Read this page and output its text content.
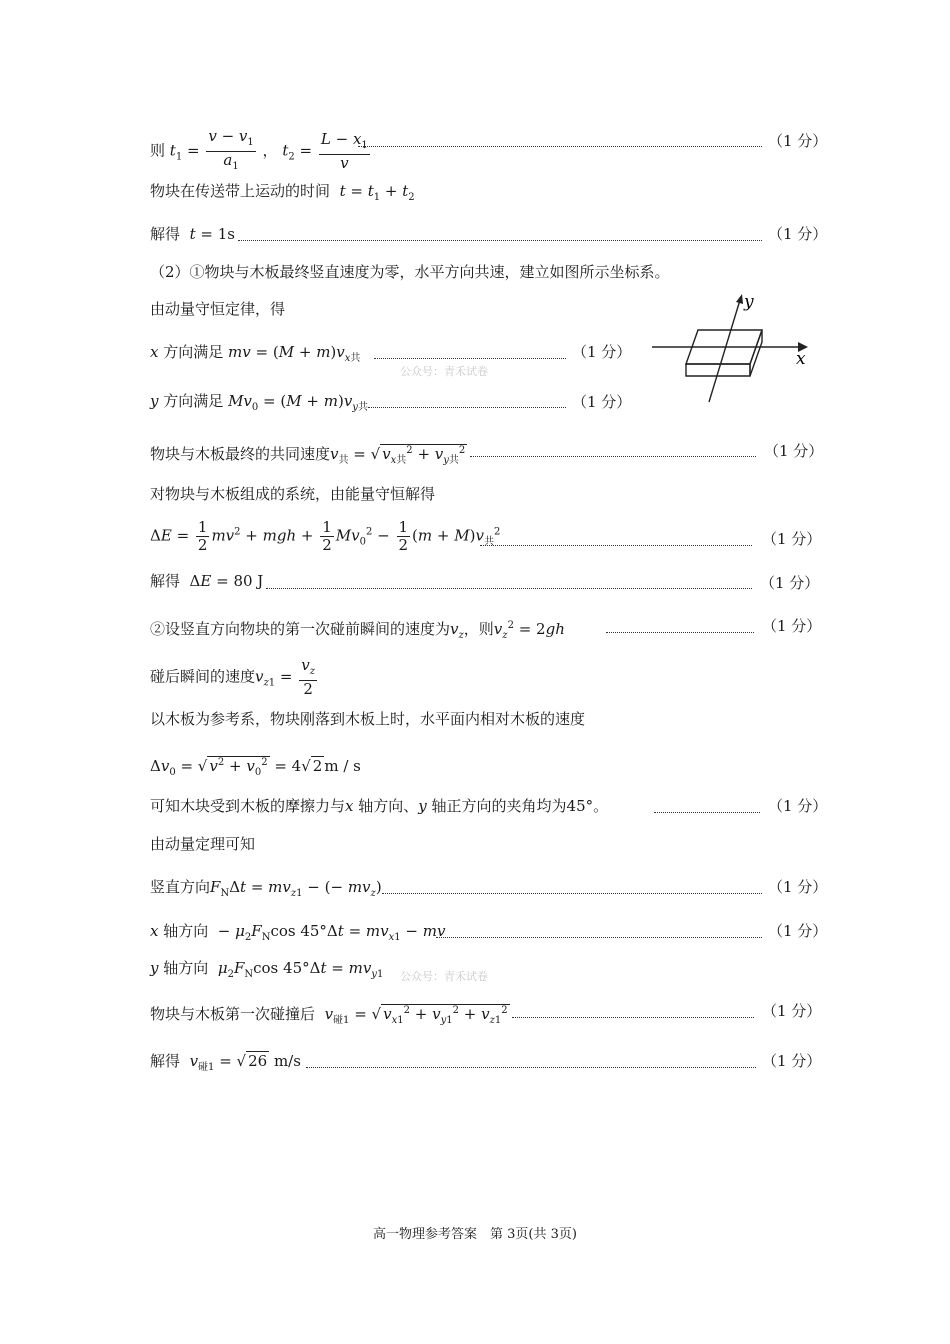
则 $t_1 = \frac{v - v_1}{a_1}$ ， $t_2 = \frac{L - x_1}{v}$	（1 分）
物块在传送带上运动的时间 $t = t_1 + t_2$
解得 t = 1s	（1 分）
（2）①物块与木板最终竖直速度为零，水平方向共速，建立如图所示坐标系。
由动量守恒定律，得
x 方向满足 mv = $(M + m)v_{x共}$	（1 分）
y 方向满足 $Mv_0 = (M + m)v_{y共}$	（1 分）
x
y
公众号：青禾试卷
物块与木板最终的共同速度$v_共$ = √ $v_{x共}^2 + v_{y共}^2$	（1 分）
对物块与木板组成的系统，由能量守恒解得
$\Delta E = \frac{1}{2} mv^2$ + mgh + $\frac{1}{2} Mv_0^2 - \frac{1}{2} (m + M)v_共^2$	（1 分）
解得  ΔE = 80 J	（1 分）
②设竖直方向物块的第一次碰前瞬间的速度为$v_z$，则$v_z^2 = 2gh$	（1 分）
碰后瞬间的速度$v_{z1} = \frac{v_z}{2}$
以木板为参考系，物块刚落到木板上时，水平面内相对木板的速度
$\Delta v_0$ = √ $v^2 + v_0^2 = 4√$ 2 m / s
可知木块受到木板的摩擦力与x 轴方向、y 轴正方向的夹角均为45°。	（1 分）
由动量定理可知
竖直方向$F_N\Delta t = mv_{z1}$ − (− $mv_z$)	（1 分）
x 轴方向  − $\mu_2F_N\cos$ $45^\circ\Delta t = mv_{x1}$ − mv	（1 分）
y 轴方向 $\mu_2F_N\cos$ $45^\circ\Delta t = mv_{y1}$ 公众号：青禾试卷
物块与木板第一次碰撞后 $v_{碰1}$ = √ $v_{x1}^2 + v_{y1}^2 + v_{z1}^2$	（1 分）
解得 $v_{碰1}$ = √ 26 m/s	（1 分）
高一物理参考答案　第 3页(共 3页)
